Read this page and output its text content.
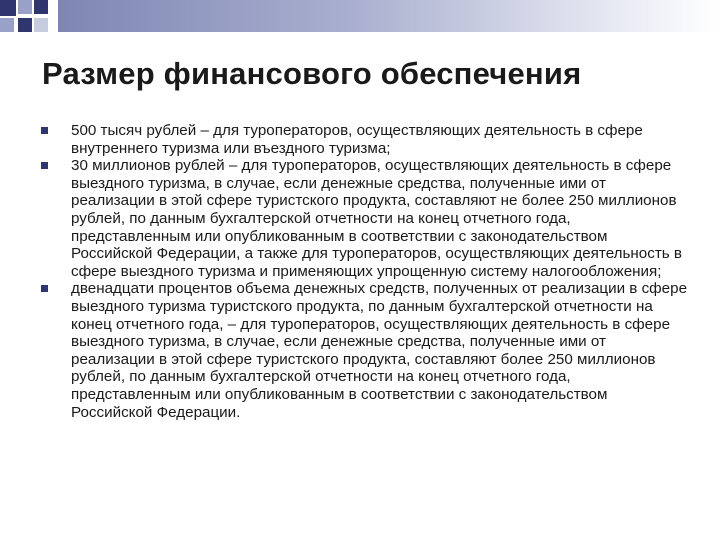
Размер финансового обеспечения
500 тысяч рублей – для туроператоров, осуществляющих деятельность в сфере внутреннего туризма или въездного туризма;
30 миллионов рублей – для туроператоров, осуществляющих деятельность в сфере выездного туризма, в случае, если денежные средства, полученные ими от реализации в этой сфере туристского продукта, составляют не более 250 миллионов рублей, по данным бухгалтерской отчетности на конец отчетного года, представленным или опубликованным в соответствии с законодательством Российской Федерации, а также для туроператоров, осуществляющих деятельность в сфере выездного туризма и применяющих упрощенную систему налогообложения;
двенадцати процентов объема денежных средств, полученных от реализации в сфере выездного туризма туристского продукта, по данным бухгалтерской отчетности на конец отчетного года, – для туроператоров, осуществляющих деятельность в сфере выездного туризма, в случае, если денежные средства, полученные ими от реализации в этой сфере туристского продукта, составляют более 250 миллионов рублей, по данным бухгалтерской отчетности на конец отчетного года, представленным или опубликованным в соответствии с законодательством Российской Федерации.
